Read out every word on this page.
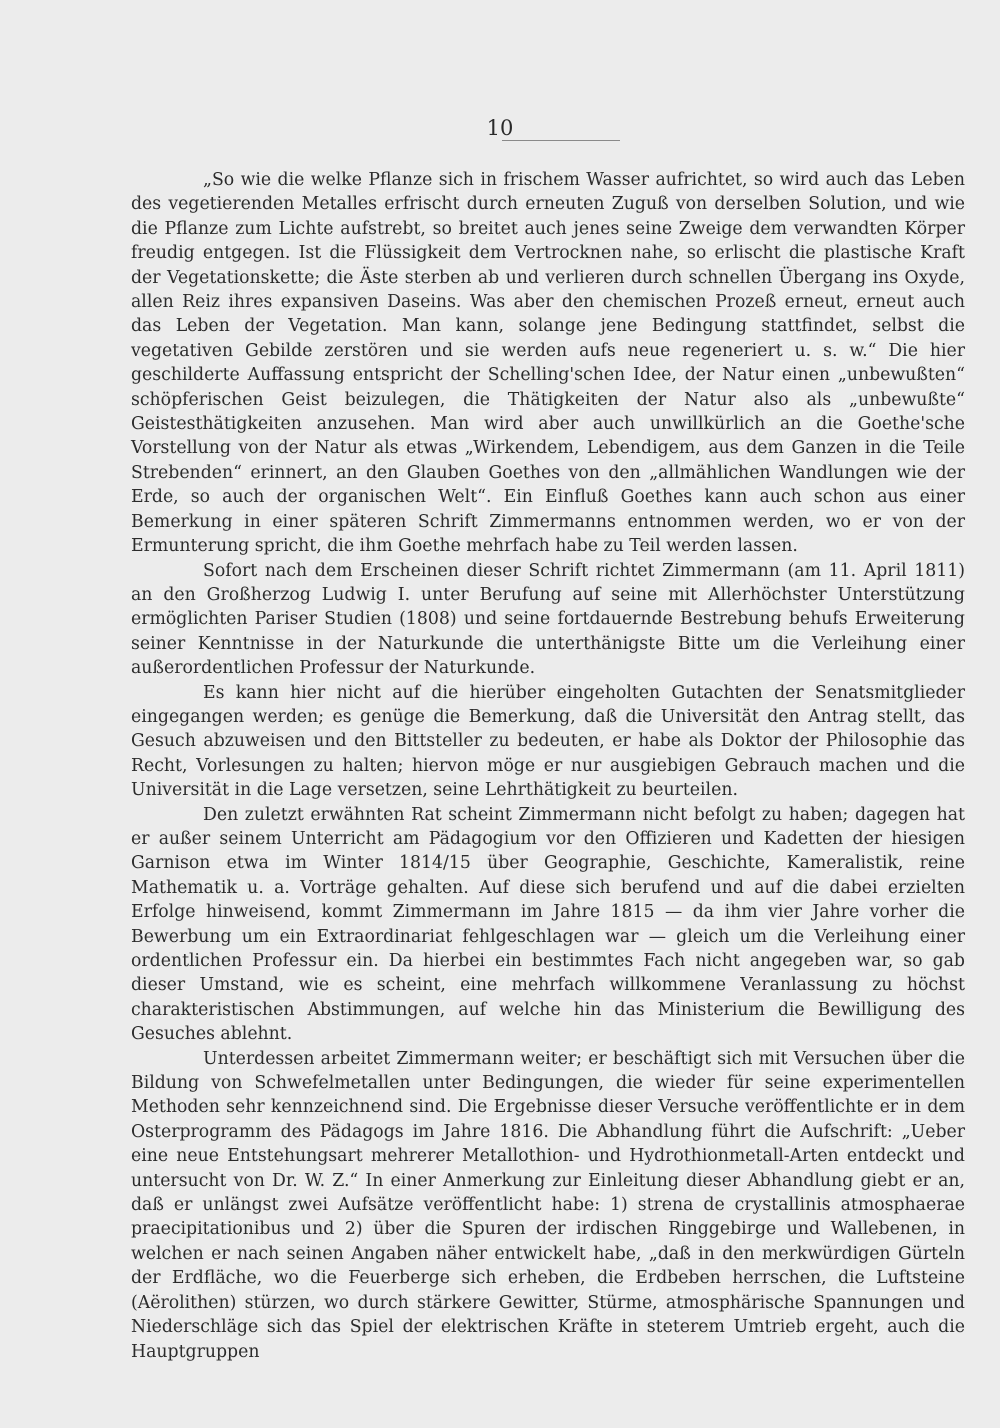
10

„So wie die welke Pflanze sich in frischem Wasser aufrichtet, so wird auch das Leben des vegetierenden Metalles erfrischt durch erneuten Zuguß von derselben Solution, und wie die Pflanze zum Lichte aufstrebt, so breitet auch jenes seine Zweige dem verwandten Körper freudig entgegen. Ist die Flüssigkeit dem Vertrocknen nahe, so erlischt die plastische Kraft der Vegetationskette; die Äste sterben ab und verlieren durch schnellen Übergang ins Oxyde, allen Reiz ihres expansiven Daseins. Was aber den chemischen Prozeß erneut, erneut auch das Leben der Vegetation. Man kann, solange jene Bedingung stattfindet, selbst die vegetativen Gebilde zerstören und sie werden aufs neue regeneriert u. s. w.“ Die hier geschilderte Auffassung entspricht der Schelling'schen Idee, der Natur einen „unbewußten“ schöpferischen Geist beizulegen, die Thätigkeiten der Natur also als „unbewußte“ Geistesthätigkeiten anzusehen. Man wird aber auch unwillkürlich an die Goethe'sche Vorstellung von der Natur als etwas „Wirkendem, Lebendigem, aus dem Ganzen in die Teile Strebenden“ erinnert, an den Glauben Goethes von den „allmählichen Wandlungen wie der Erde, so auch der organischen Welt“. Ein Einfluß Goethes kann auch schon aus einer Bemerkung in einer späteren Schrift Zimmermanns entnommen werden, wo er von der Ermunterung spricht, die ihm Goethe mehrfach habe zu Teil werden lassen.

Sofort nach dem Erscheinen dieser Schrift richtet Zimmermann (am 11. April 1811) an den Großherzog Ludwig I. unter Berufung auf seine mit Allerhöchster Unterstützung ermöglichten Pariser Studien (1808) und seine fortdauernde Bestrebung behufs Erweiterung seiner Kenntnisse in der Naturkunde die unterthänigste Bitte um die Verleihung einer außerordentlichen Professur der Naturkunde.

Es kann hier nicht auf die hierüber eingeholten Gutachten der Senatsmitglieder eingegangen werden; es genüge die Bemerkung, daß die Universität den Antrag stellt, das Gesuch abzuweisen und den Bittsteller zu bedeuten, er habe als Doktor der Philosophie das Recht, Vorlesungen zu halten; hiervon möge er nur ausgiebigen Gebrauch machen und die Universität in die Lage versetzen, seine Lehrthätigkeit zu beurteilen.

Den zuletzt erwähnten Rat scheint Zimmermann nicht befolgt zu haben; dagegen hat er außer seinem Unterricht am Pädagogium vor den Offizieren und Kadetten der hiesigen Garnison etwa im Winter 1814/15 über Geographie, Geschichte, Kameralistik, reine Mathematik u. a. Vorträge gehalten. Auf diese sich berufend und auf die dabei erzielten Erfolge hinweisend, kommt Zimmermann im Jahre 1815 — da ihm vier Jahre vorher die Bewerbung um ein Extraordinariat fehlgeschlagen war — gleich um die Verleihung einer ordentlichen Professur ein. Da hierbei ein bestimmtes Fach nicht angegeben war, so gab dieser Umstand, wie es scheint, eine mehrfach willkommene Veranlassung zu höchst charakteristischen Abstimmungen, auf welche hin das Ministerium die Bewilligung des Gesuches ablehnt.

Unterdessen arbeitet Zimmermann weiter; er beschäftigt sich mit Versuchen über die Bildung von Schwefelmetallen unter Bedingungen, die wieder für seine experimentellen Methoden sehr kennzeichnend sind. Die Ergebnisse dieser Versuche veröffentlichte er in dem Osterprogramm des Pädagogs im Jahre 1816. Die Abhandlung führt die Aufschrift: „Ueber eine neue Entstehungsart mehrerer Metallothion- und Hydrothionmetall-Arten entdeckt und untersucht von Dr. W. Z.“ In einer Anmerkung zur Einleitung dieser Abhandlung giebt er an, daß er unlängst zwei Aufsätze veröffentlicht habe: 1) strena de crystallinis atmosphaerae praecipitationibus und 2) über die Spuren der irdischen Ringgebirge und Wallebenen, in welchen er nach seinen Angaben näher entwickelt habe, „daß in den merkwürdigen Gürteln der Erdfläche, wo die Feuerberge sich erheben, die Erdbeben herrschen, die Luftsteine (Aërolithen) stürzen, wo durch stärkere Gewitter, Stürme, atmosphärische Spannungen und Niederschläge sich das Spiel der elektrischen Kräfte in steterem Umtrieb ergeht, auch die Hauptgruppen
